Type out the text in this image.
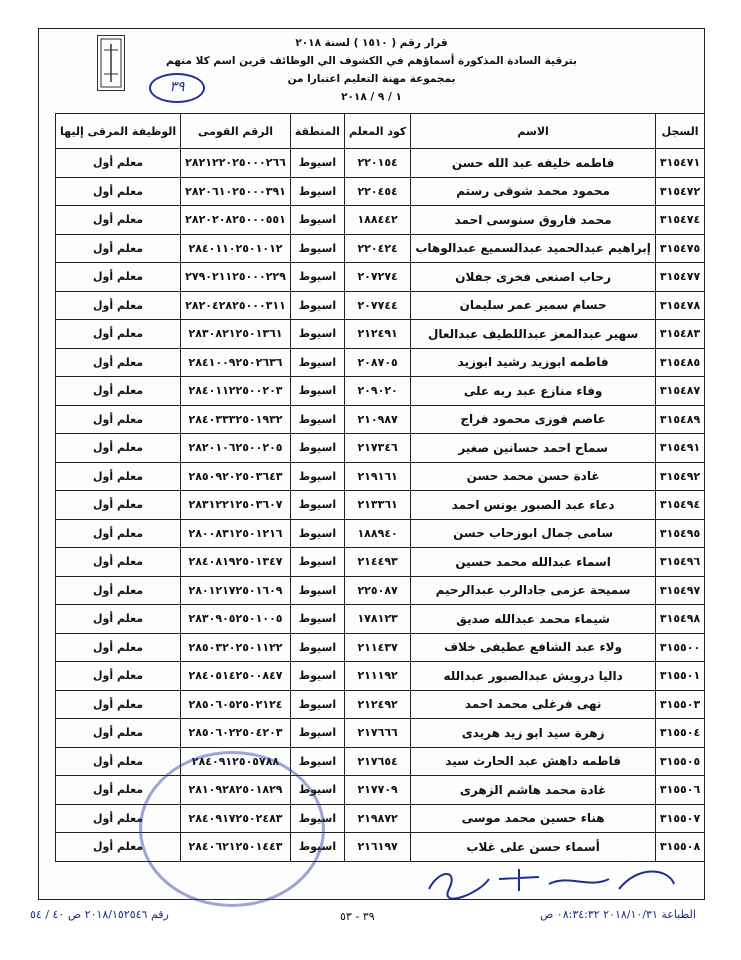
٣٩
قرار رقم ( ١٥١٠ ) لسنة ٢٠١٨
بترقية السادة المذكورة أسماؤهم في الكشوف الي الوظائف قرين اسم كلا منهم
بمجموعة مهنة التعليم اعتبارا من
١ / ٩ / ٢٠١٨
السجل	الاسم	كود المعلم	المنطقة	الرقم القومى	الوظيفة المرقى إليها
٣١٥٤٧١	فاطمه خليفه عبد الله حسن	٢٢٠١٥٤	اسيوط	٢٨٢١٢٢٠٢٥٠٠٠٢٦٦	معلم أول
٣١٥٤٧٢	محمود محمد شوقى رستم	٢٢٠٤٥٤	اسيوط	٢٨٢٠٦١٠٢٥٠٠٠٣٩١	معلم أول
٣١٥٤٧٤	محمد فاروق سنوسى احمد	١٨٨٤٤٢	اسيوط	٢٨٢٠٢٠٨٢٥٠٠٠٥٥١	معلم أول
٣١٥٤٧٥	إبراهيم عبدالحميد عبدالسميع عبدالوهاب	٢٢٠٤٢٤	اسيوط	٢٨٤٠١١٠٢٥٠١٠١٢	معلم أول
٣١٥٤٧٧	رحاب اصنعى فخرى جفلان	٢٠٧٢٧٤	اسيوط	٢٧٩٠٢١١٢٥٠٠٠٢٢٩	معلم أول
٣١٥٤٧٨	حسام سمير عمر سليمان	٢٠٧٧٤٤	اسيوط	٢٨٢٠٤٢٨٢٥٠٠٠٣١١	معلم أول
٣١٥٤٨٣	سهير عبدالمعز عبداللطيف عبدالعال	٢١٢٤٩١	اسيوط	٢٨٣٠٨٢١٢٥٠١٣٦١	معلم أول
٣١٥٤٨٥	فاطمه ابوزيد رشيد ابوزيد	٢٠٨٧٠٥	اسيوط	٢٨٤١٠٠٩٢٥٠٢٦٣٦	معلم أول
٣١٥٤٨٧	وفاء منازع عبد ربه على	٢٠٩٠٢٠	اسيوط	٢٨٤٠١١٢٢٥٠٠٢٠٣	معلم أول
٣١٥٤٨٩	عاصم فوزى محمود فراج	٢١٠٩٨٧	اسيوط	٢٨٤٠٣٣٣٢٥٠١٩٣٢	معلم أول
٣١٥٤٩١	سماح احمد حسانين صغير	٢١٧٣٤٦	اسيوط	٢٨٢٠١٠٦٢٥٠٠٢٠٥	معلم أول
٣١٥٤٩٢	غادة حسن محمد حسن	٢١٩١٦١	اسيوط	٢٨٥٠٩٢٠٢٥٠٣٦٤٣	معلم أول
٣١٥٤٩٤	دعاء عبد الصبور يونس احمد	٢١٣٣٦١	اسيوط	٢٨٣١٢٢١٢٥٠٣٦٠٧	معلم أول
٣١٥٤٩٥	سامى جمال ابوزحاب حسن	١٨٨٩٤٠	اسيوط	٢٨٠٠٨٣١٢٥٠١٢١٦	معلم أول
٣١٥٤٩٦	اسماء عبدالله محمد حسين	٢١٤٤٩٣	اسيوط	٢٨٤٠٨١٩٢٥٠١٣٤٧	معلم أول
٣١٥٤٩٧	سميحة عزمى جادالرب عبدالرحيم	٢٢٥٠٨٧	اسيوط	٢٨٠١٢١٧٢٥٠١٦٠٩	معلم أول
٣١٥٤٩٨	شيماء محمد عبدالله صديق	١٧٨١٢٣	اسيوط	٢٨٣٠٩٠٥٢٥٠١٠٠٥	معلم أول
٣١٥٥٠٠	ولاء عبد الشافع عطيفى خلاف	٢١١٤٣٧	اسيوط	٢٨٥٠٣٢٠٢٥٠١١٢٢	معلم أول
٣١٥٥٠١	داليا درويش عبدالصبور عبدالله	٢١١١٩٢	اسيوط	٢٨٤٠٥١٤٢٥٠٠٨٤٧	معلم أول
٣١٥٥٠٣	نهى فرغلى محمد احمد	٢١٢٤٩٢	اسيوط	٢٨٥٠٦٠٥٢٥٠٢١٢٤	معلم أول
٣١٥٥٠٤	زهرة سيد ابو زيد هريدى	٢١٧٦٦٦	اسيوط	٢٨٥٠٦٠٢٢٥٠٤٢٠٣	معلم أول
٣١٥٥٠٥	فاطمه داهش عبد الحارث سيد	٢١٧٦٥٤	اسيوط	٢٨٤٠٩١٢٥٠٥٧٨٨	معلم أول
٣١٥٥٠٦	غادة محمد هاشم الزهرى	٢١٧٧٠٩	اسيوط	٢٨١٠٩٢٨٢٥٠١٨٢٩	معلم أول
٣١٥٥٠٧	هناء حسين محمد موسى	٢١٩٨٧٢	اسيوط	٢٨٤٠٩١٧٢٥٠٢٤٨٣	معلم أول
٣١٥٥٠٨	أسماء حسن على غلاب	٢١٦١٩٧	اسيوط	٢٨٤٠٦٢١٢٥٠١٤٤٣	معلم أول
الطباعة ٢٠١٨/١٠/٣١ ٠٨:٣٤:٣٢ ص
٣٩ - ٥٣
رقم ٢٠١٨/١٥٢٥٤٦ ص ٤٠ / ٥٤
